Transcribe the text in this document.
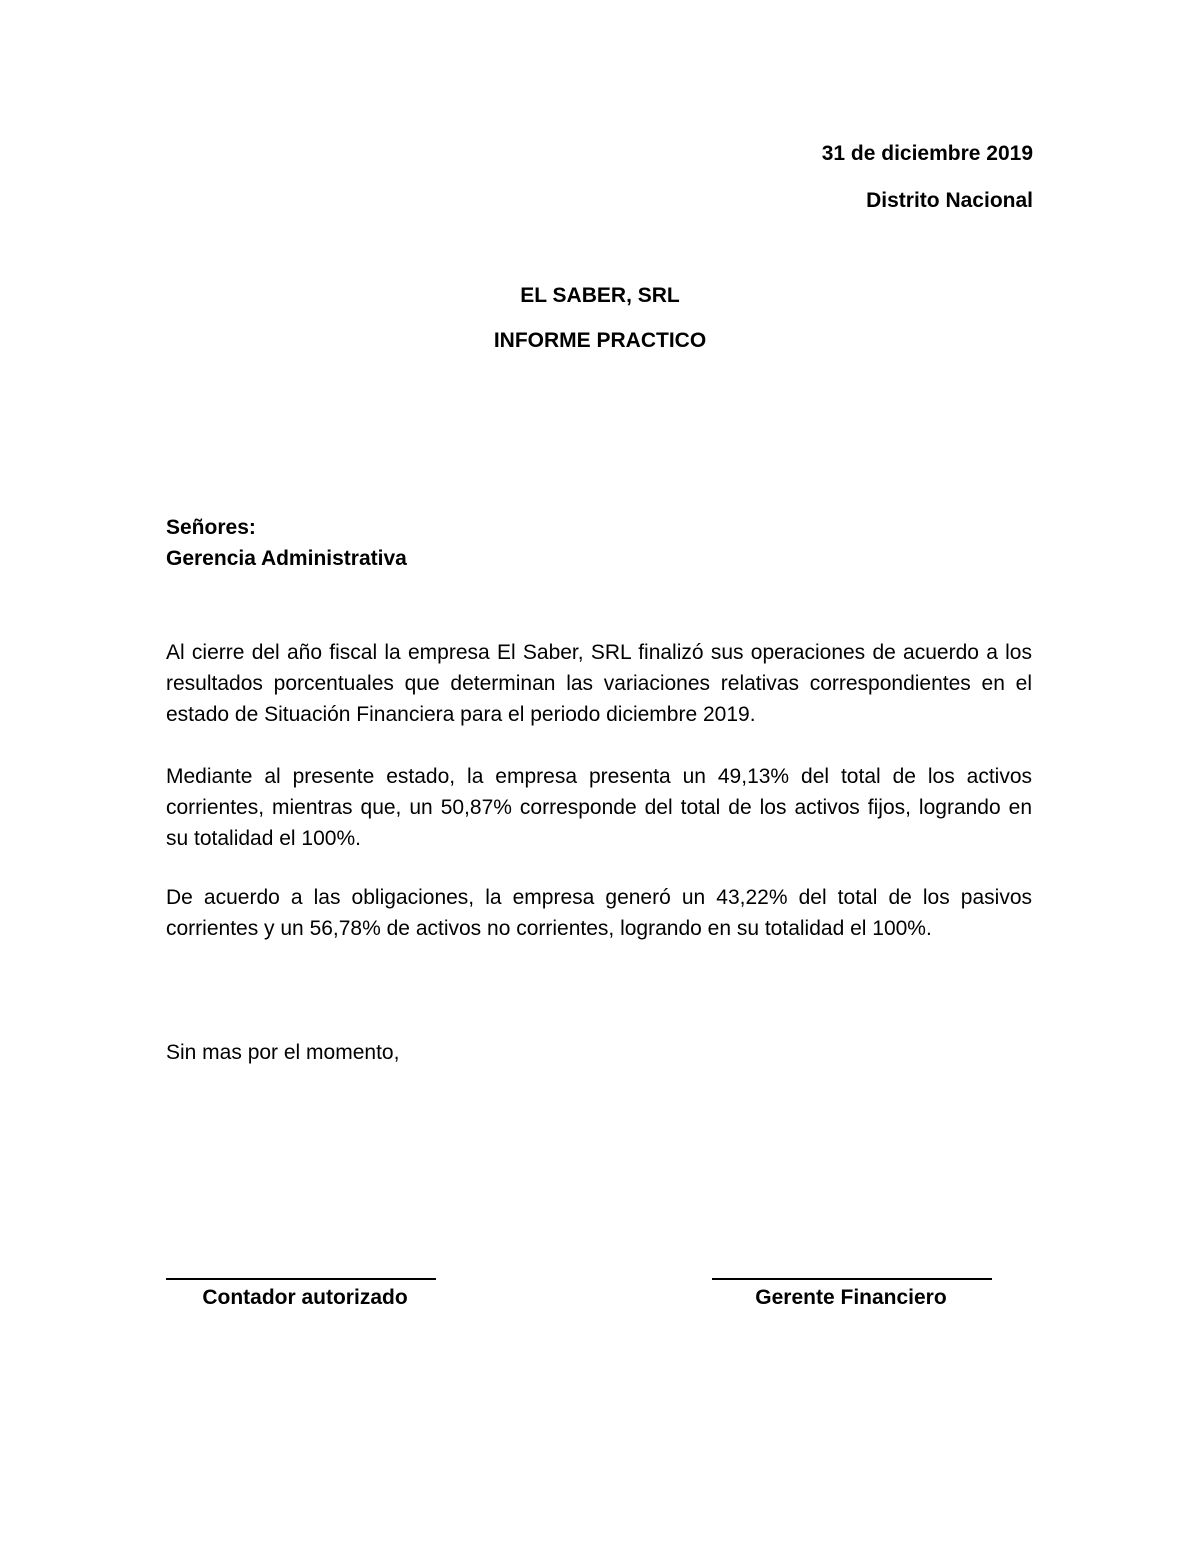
31 de diciembre 2019
Distrito Nacional
EL SABER, SRL
INFORME PRACTICO
Señores:
Gerencia Administrativa
Al cierre del año fiscal la empresa El Saber, SRL finalizó sus operaciones de acuerdo a los resultados porcentuales que determinan las variaciones relativas correspondientes en el estado de Situación Financiera para el periodo diciembre 2019.
Mediante al presente estado, la empresa presenta un 49,13% del total de los activos corrientes, mientras que, un 50,87% corresponde del total de los activos fijos, logrando en su totalidad el 100%.
De acuerdo a las obligaciones, la empresa generó un 43,22% del total de los pasivos corrientes y un 56,78% de activos no corrientes, logrando en su totalidad el 100%.
Sin mas por el momento,
Contador autorizado	Gerente Financiero
